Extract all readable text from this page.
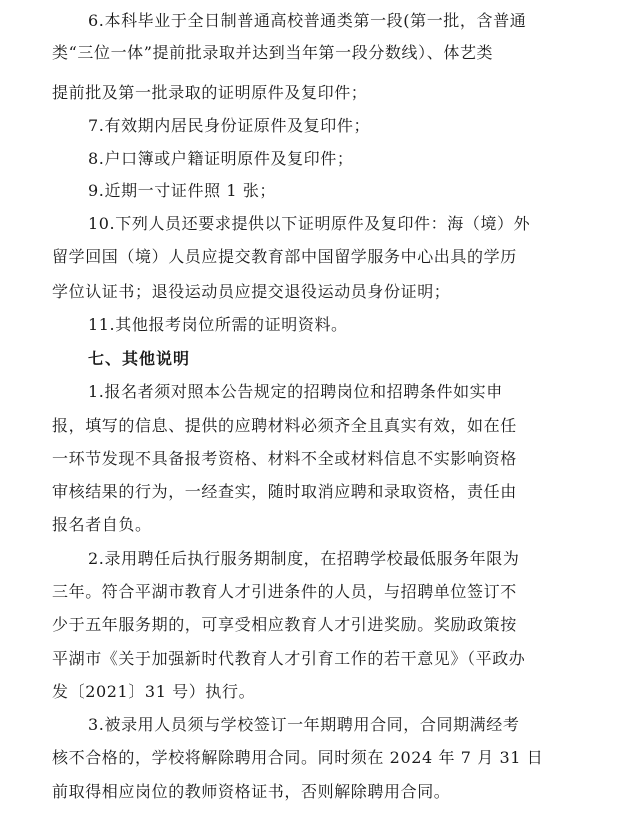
6.本科毕业于全日制普通高校普通类第一段(第一批，含普通
类“三位一体”提前批录取并达到当年第一段分数线）、体艺类
提前批及第一批录取的证明原件及复印件；
7.有效期内居民身份证原件及复印件；
8.户口簿或户籍证明原件及复印件；
9.近期一寸证件照 1 张；
10.下列人员还要求提供以下证明原件及复印件：海（境）外
留学回国（境）人员应提交教育部中国留学服务中心出具的学历
学位认证书；退役运动员应提交退役运动员身份证明；
11.其他报考岗位所需的证明资料。
七、其他说明
1.报名者须对照本公告规定的招聘岗位和招聘条件如实申
报，填写的信息、提供的应聘材料必须齐全且真实有效，如在任
一环节发现不具备报考资格、材料不全或材料信息不实影响资格
审核结果的行为，一经查实，随时取消应聘和录取资格，责任由
报名者自负。
2.录用聘任后执行服务期制度，在招聘学校最低服务年限为
三年。符合平湖市教育人才引进条件的人员，与招聘单位签订不
少于五年服务期的，可享受相应教育人才引进奖励。奖励政策按
平湖市《关于加强新时代教育人才引育工作的若干意见》（平政办
发〔2021〕31 号）执行。
3.被录用人员须与学校签订一年期聘用合同，合同期满经考
核不合格的，学校将解除聘用合同。同时须在 2024 年 7 月 31 日
前取得相应岗位的教师资格证书，否则解除聘用合同。
